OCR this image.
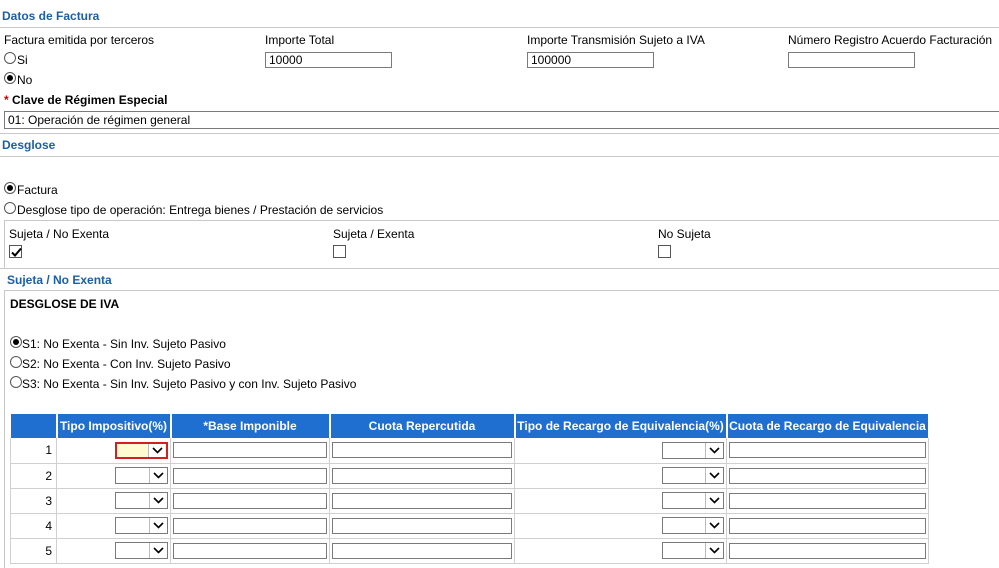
Datos de Factura
Factura emitida por terceros
Si
No
Importe Total
10000
Importe Transmisión Sujeto a IVA
100000
Número Registro Acuerdo Facturación
* Clave de Régimen Especial
01: Operación de régimen general
Desglose
Factura
Desglose tipo de operación: Entrega bienes / Prestación de servicios
Sujeta / No Exenta	Sujeta / Exenta	No Sujeta
Sujeta / No Exenta
DESGLOSE DE IVA
S1: No Exenta - Sin Inv. Sujeto Pasivo
S2: No Exenta - Con Inv. Sujeto Pasivo
S3: No Exenta - Sin Inv. Sujeto Pasivo y con Inv. Sujeto Pasivo
	Tipo Impositivo(%)	*Base Imponible	Cuota Repercutida	Tipo de Recargo de Equivalencia(%)	Cuota de Recargo de Equivalencia
1	

2	

3	

4	

5	
